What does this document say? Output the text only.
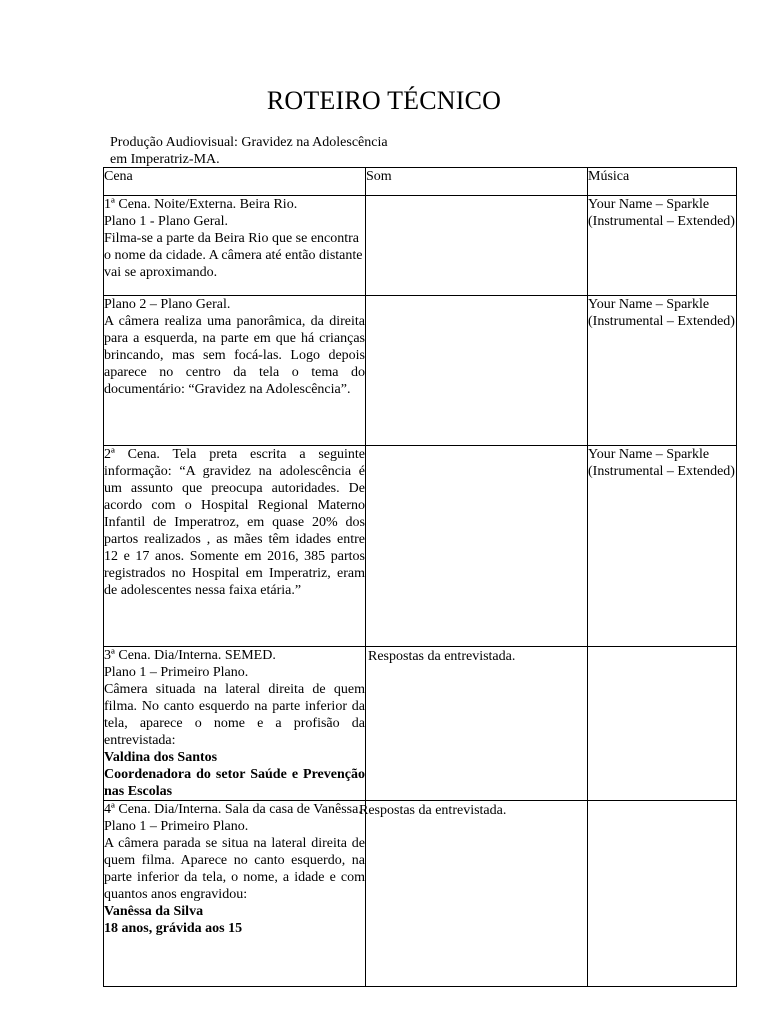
ROTEIRO TÉCNICO
Produção Audiovisual: Gravidez na Adolescência em Imperatriz-MA.
Cena	Som	Música

1ª Cena. Noite/Externa. Beira Rio.
Plano 1 - Plano Geral.
Filma-se a parte da Beira Rio que se encontra o nome da cidade. A câmera até então distante vai se aproximando.		Your Name – Sparkle (Instrumental – Extended)

Plano 2 – Plano Geral.
A câmera realiza uma panorâmica, da direita para a esquerda, na parte em que há crianças brincando, mas sem focá-las. Logo depois aparece no centro da tela o tema do documentário: “Gravidez na Adolescência”.		Your Name – Sparkle (Instrumental – Extended)

2ª Cena. Tela preta escrita a seguinte informação: “A gravidez na adolescência é um assunto que preocupa autoridades. De acordo com o Hospital Regional Materno Infantil de Imperatroz, em quase 20% dos partos realizados , as mães têm idades entre 12 e 17 anos. Somente em 2016, 385 partos registrados no Hospital em Imperatriz, eram de adolescentes nessa faixa etária.”		Your Name – Sparkle (Instrumental – Extended)

3ª Cena. Dia/Interna. SEMED.
Plano 1 – Primeiro Plano.
Câmera situada na lateral direita de quem filma. No canto esquerdo na parte inferior da tela, aparece o nome e a profisão da entrevistada:
Valdina dos Santos
Coordenadora do setor Saúde e Prevenção nas Escolas	Respostas da entrevistada.	

4ª Cena. Dia/Interna. Sala da casa de Vanêssa.
Plano 1 – Primeiro Plano.
A câmera parada se situa na lateral direita de quem filma. Aparece no canto esquerdo, na parte inferior da tela, o nome, a idade e com quantos anos engravidou:
Vanêssa da Silva
18 anos, grávida aos 15	Respostas da entrevistada.	
